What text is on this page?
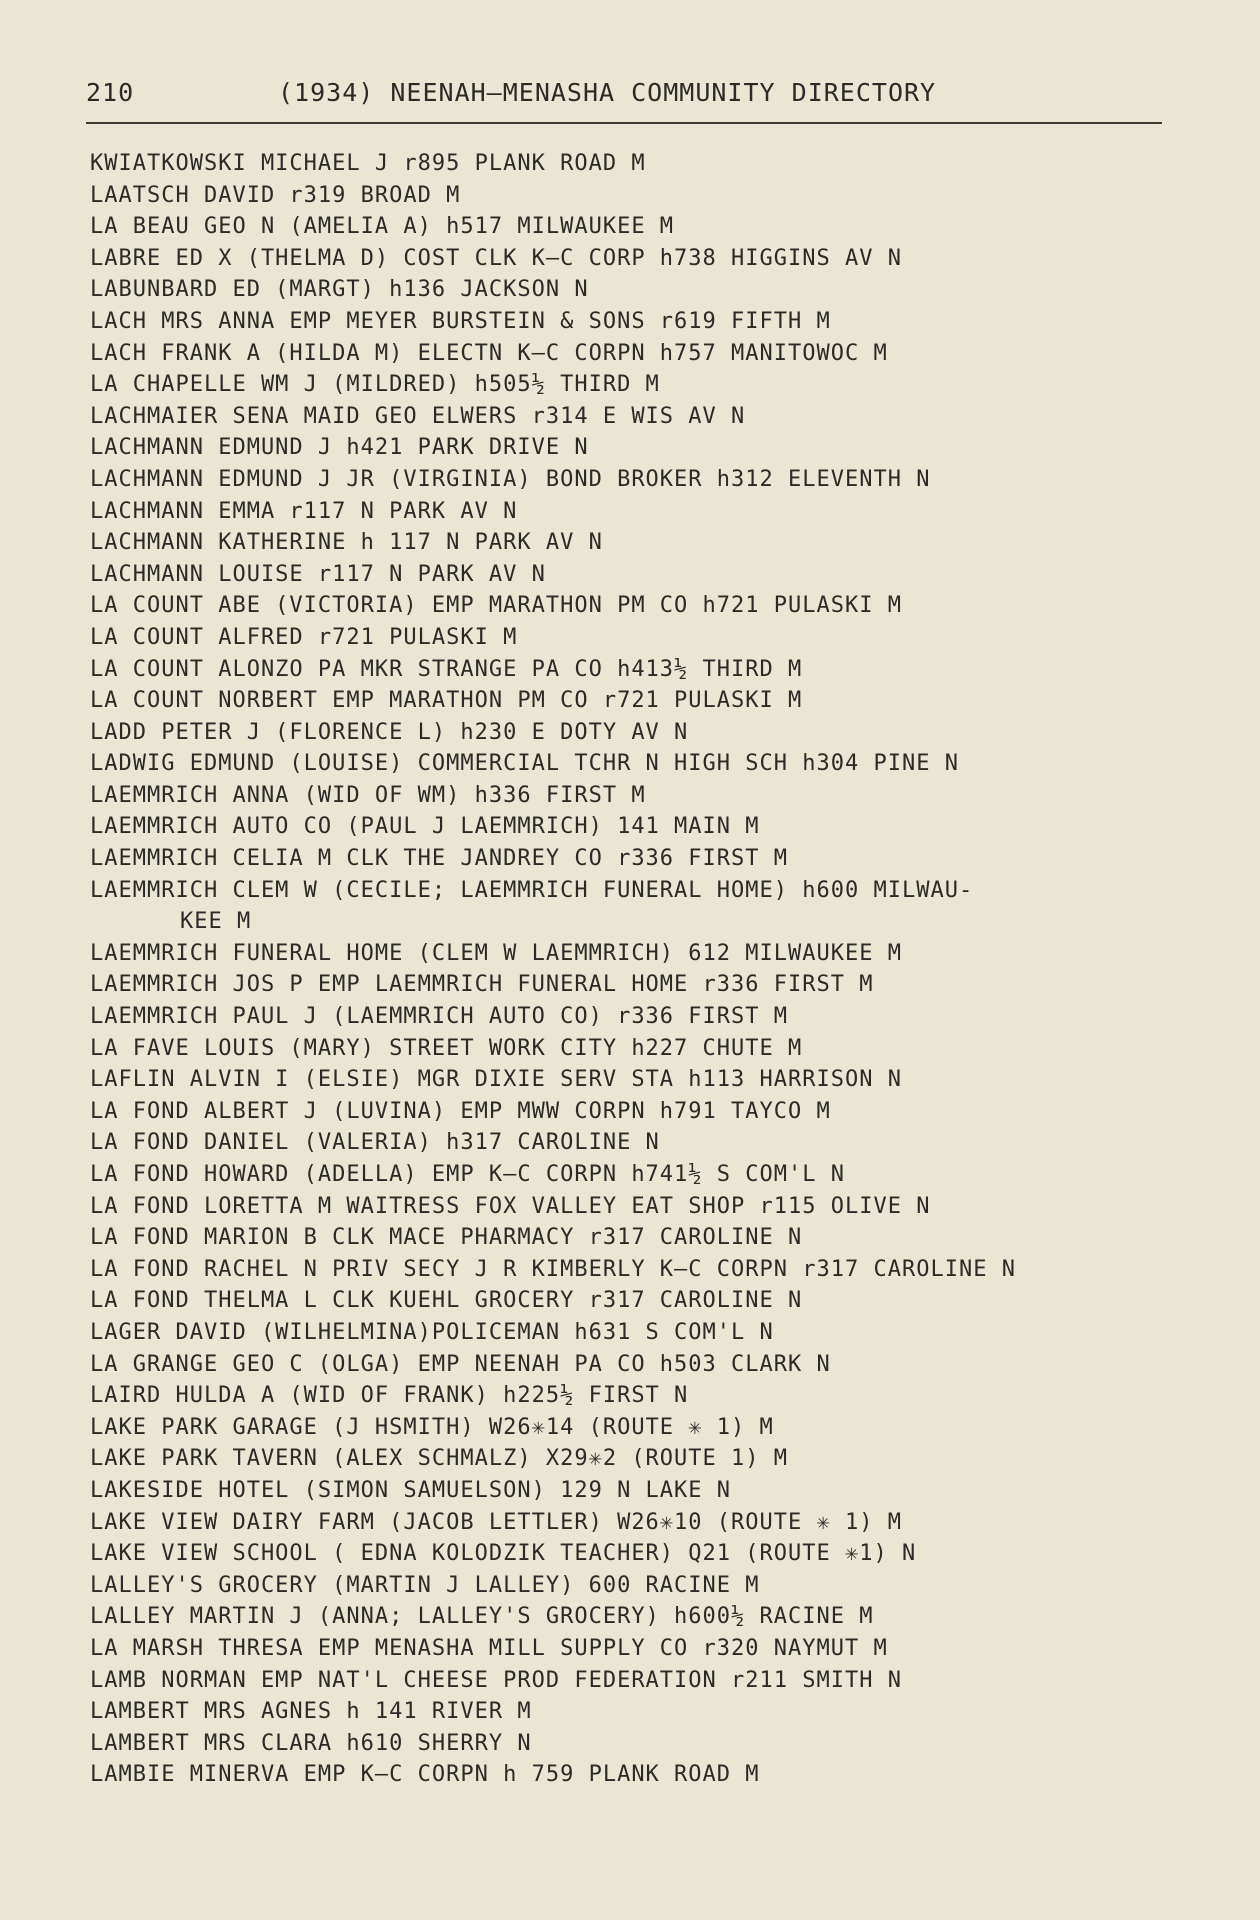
210	(1934) NEENAH—MENASHA COMMUNITY DIRECTORY
KWIATKOWSKI MICHAEL J r895 PLANK ROAD M
LAATSCH DAVID r319 BROAD M
LA BEAU GEO N (AMELIA A) h517 MILWAUKEE M
LABRE ED X (THELMA D) COST CLK K—C CORP h738 HIGGINS AV N
LABUNBARD ED (MARGT) h136 JACKSON N
LACH MRS ANNA EMP MEYER BURSTEIN & SONS r619 FIFTH M
LACH FRANK A (HILDA M) ELECTN K—C CORPN h757 MANITOWOC M
LA CHAPELLE WM J (MILDRED) h505½ THIRD M
LACHMAIER SENA MAID GEO ELWERS r314 E WIS AV N
LACHMANN EDMUND J h421 PARK DRIVE N
LACHMANN EDMUND J JR (VIRGINIA) BOND BROKER h312 ELEVENTH N
LACHMANN EMMA r117 N PARK AV N
LACHMANN KATHERINE h 117 N PARK AV N
LACHMANN LOUISE r117 N PARK AV N
LA COUNT ABE (VICTORIA) EMP MARATHON PM CO h721 PULASKI M
LA COUNT ALFRED r721 PULASKI M
LA COUNT ALONZO PA MKR STRANGE PA CO h413½ THIRD M
LA COUNT NORBERT EMP MARATHON PM CO r721 PULASKI M
LADD PETER J (FLORENCE L) h230 E DOTY AV N
LADWIG EDMUND (LOUISE) COMMERCIAL TCHR N HIGH SCH h304 PINE N
LAEMMRICH ANNA (WID OF WM) h336 FIRST M
LAEMMRICH AUTO CO (PAUL J LAEMMRICH) 141 MAIN M
LAEMMRICH CELIA M CLK THE JANDREY CO r336 FIRST M
LAEMMRICH CLEM W (CECILE; LAEMMRICH FUNERAL HOME) h600 MILWAU-
KEE M
LAEMMRICH FUNERAL HOME (CLEM W LAEMMRICH) 612 MILWAUKEE M
LAEMMRICH JOS P EMP LAEMMRICH FUNERAL HOME r336 FIRST M
LAEMMRICH PAUL J (LAEMMRICH AUTO CO) r336 FIRST M
LA FAVE LOUIS (MARY) STREET WORK CITY h227 CHUTE M
LAFLIN ALVIN I (ELSIE) MGR DIXIE SERV STA h113 HARRISON N
LA FOND ALBERT J (LUVINA) EMP MWW CORPN h791 TAYCO M
LA FOND DANIEL (VALERIA) h317 CAROLINE N
LA FOND HOWARD (ADELLA) EMP K—C CORPN h741½ S COM'L N
LA FOND LORETTA M WAITRESS FOX VALLEY EAT SHOP r115 OLIVE N
LA FOND MARION B CLK MACE PHARMACY r317 CAROLINE N
LA FOND RACHEL N PRIV SECY J R KIMBERLY K—C CORPN r317 CAROLINE N
LA FOND THELMA L CLK KUEHL GROCERY r317 CAROLINE N
LAGER DAVID (WILHELMINA)POLICEMAN h631 S COM'L N
LA GRANGE GEO C (OLGA) EMP NEENAH PA CO h503 CLARK N
LAIRD HULDA A (WID OF FRANK) h225½ FIRST N
LAKE PARK GARAGE (J HSMITH) W26✳14 (ROUTE ✳ 1) M
LAKE PARK TAVERN (ALEX SCHMALZ) X29✳2 (ROUTE 1) M
LAKESIDE HOTEL (SIMON SAMUELSON) 129 N LAKE N
LAKE VIEW DAIRY FARM (JACOB LETTLER) W26✳10 (ROUTE ✳ 1) M
LAKE VIEW SCHOOL ( EDNA KOLODZIK TEACHER) Q21 (ROUTE ✳1) N
LALLEY'S GROCERY (MARTIN J LALLEY) 600 RACINE M
LALLEY MARTIN J (ANNA; LALLEY'S GROCERY) h600½ RACINE M
LA MARSH THRESA EMP MENASHA MILL SUPPLY CO r320 NAYMUT M
LAMB NORMAN EMP NAT'L CHEESE PROD FEDERATION r211 SMITH N
LAMBERT MRS AGNES h 141 RIVER M
LAMBERT MRS CLARA h610 SHERRY N
LAMBIE MINERVA EMP K—C CORPN h 759 PLANK ROAD M
